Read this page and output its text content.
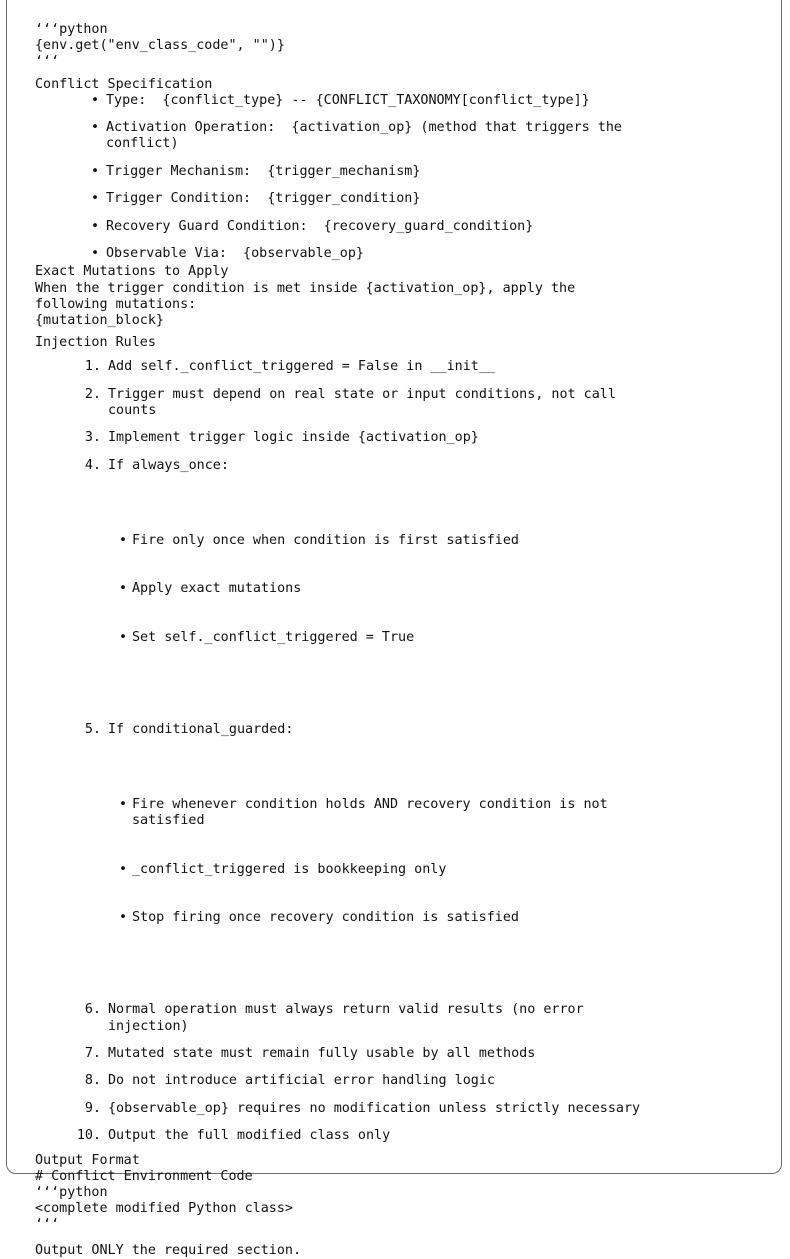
‘‘‘python
{env.get("env_class_code", "")}
‘‘‘
Conflict Specification
• Type:  {conflict_type} -- {CONFLICT_TAXONOMY[conflict_type]}
• Activation Operation:  {activation_op} (method that triggers the
conflict)
• Trigger Mechanism:  {trigger_mechanism}
• Trigger Condition:  {trigger_condition}
• Recovery Guard Condition:  {recovery_guard_condition}
• Observable Via:  {observable_op}
Exact Mutations to Apply
When the trigger condition is met inside {activation_op}, apply the
following mutations:
{mutation_block}
Injection Rules
1. Add self._conflict_triggered = False in __init__
2. Trigger must depend on real state or input conditions, not call
counts
3. Implement trigger logic inside {activation_op}
4. If always_once:

• Fire only once when condition is first satisfied

• Apply exact mutations

• Set self._conflict_triggered = True

5. If conditional_guarded:

• Fire whenever condition holds AND recovery condition is not
satisfied

• _conflict_triggered is bookkeeping only

• Stop firing once recovery condition is satisfied

6. Normal operation must always return valid results (no error
injection)
7. Mutated state must remain fully usable by all methods
8. Do not introduce artificial error handling logic
9. {observable_op} requires no modification unless strictly necessary
10. Output the full modified class only
Output Format
# Conflict Environment Code
‘‘‘python
<complete modified Python class>
‘‘‘
Output ONLY the required section.
